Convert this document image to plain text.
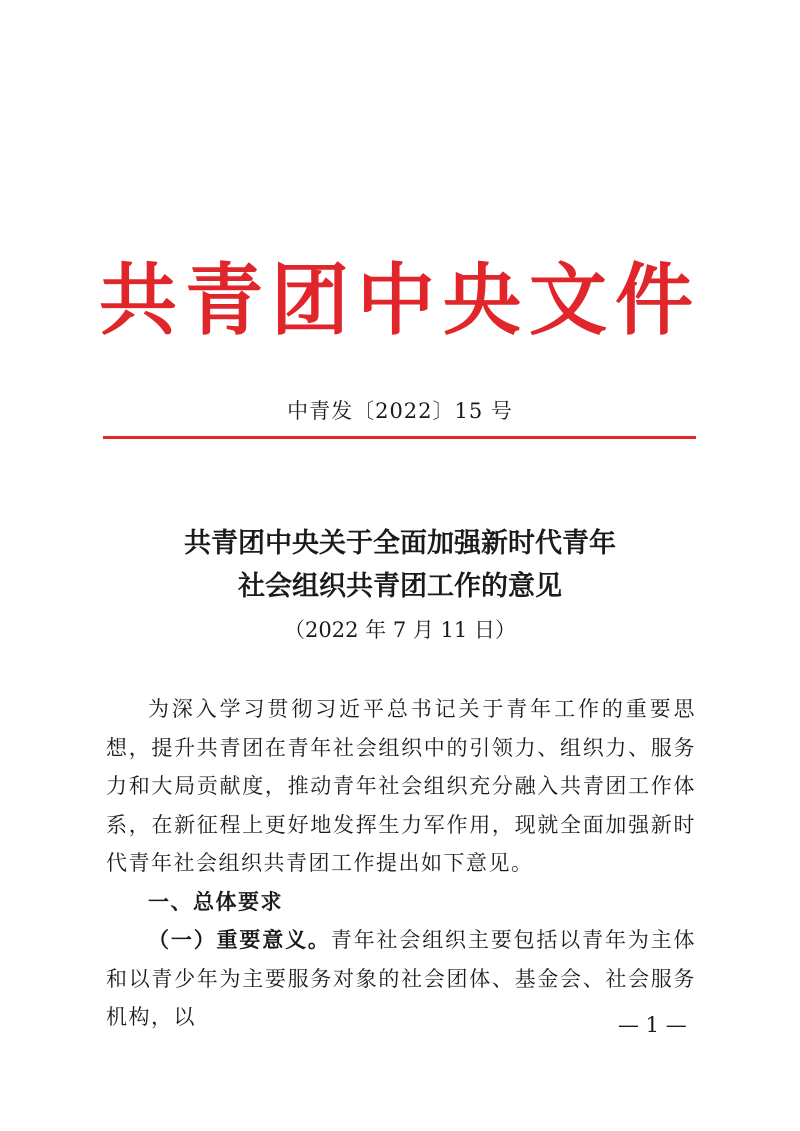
共青团中央文件
中青发〔2022〕15 号
共青团中央关于全面加强新时代青年
社会组织共青团工作的意见
（2022 年 7 月 11 日）

为深入学习贯彻习近平总书记关于青年工作的重要思想，提升共青团在青年社会组织中的引领力、组织力、服务力和大局贡献度，推动青年社会组织充分融入共青团工作体系，在新征程上更好地发挥生力军作用，现就全面加强新时代青年社会组织共青团工作提出如下意见。

一、总体要求

（一）重要意义。青年社会组织主要包括以青年为主体和以青少年为主要服务对象的社会团体、基金会、社会服务机构，以	— 1 —
